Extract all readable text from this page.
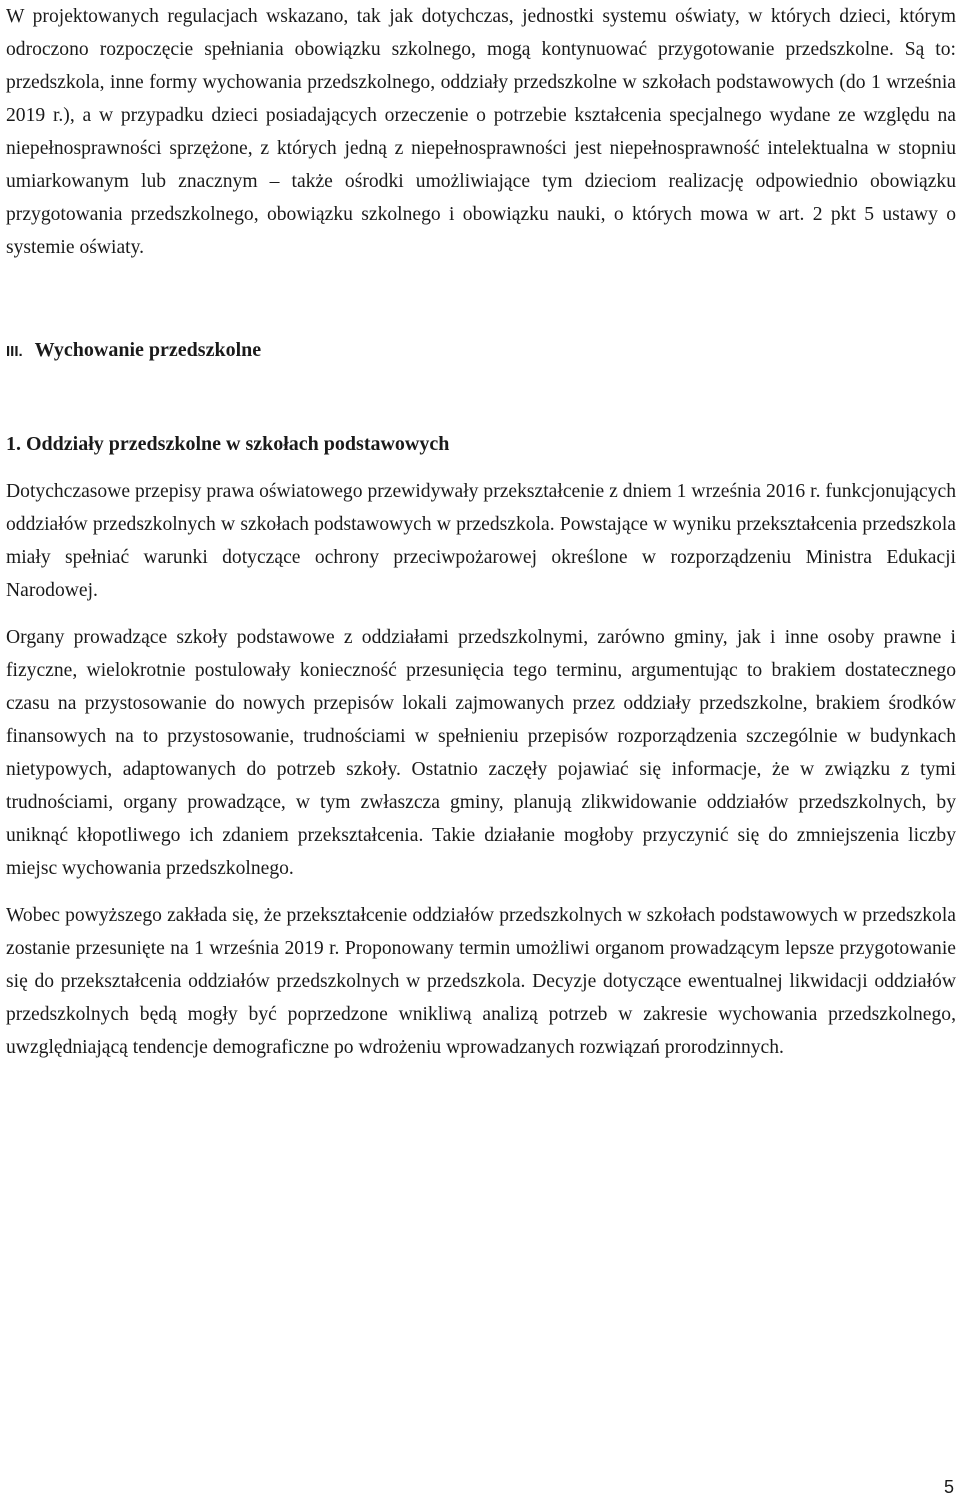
W projektowanych regulacjach wskazano, tak jak dotychczas, jednostki systemu oświaty, w których dzieci, którym odroczono rozpoczęcie spełniania obowiązku szkolnego, mogą kontynuować przygotowanie przedszkolne. Są to: przedszkola, inne formy wychowania przedszkolnego, oddziały przedszkolne w szkołach podstawowych (do 1 września 2019 r.), a w przypadku dzieci posiadających orzeczenie o potrzebie kształcenia specjalnego wydane ze względu na niepełnosprawności sprzężone, z których jedną z niepełnosprawności jest niepełnosprawność intelektualna w stopniu umiarkowanym lub znacznym – także ośrodki umożliwiające tym dzieciom realizację odpowiednio obowiązku przygotowania przedszkolnego, obowiązku szkolnego i obowiązku nauki, o których mowa w art. 2 pkt 5 ustawy o systemie oświaty.

III. Wychowanie przedszkolne
1. Oddziały przedszkolne w szkołach podstawowych

Dotychczasowe przepisy prawa oświatowego przewidywały przekształcenie z dniem 1 września 2016 r. funkcjonujących oddziałów przedszkolnych w szkołach podstawowych w przedszkola. Powstające w wyniku przekształcenia przedszkola miały spełniać warunki dotyczące ochrony przeciwpożarowej określone w rozporządzeniu Ministra Edukacji Narodowej.

Organy prowadzące szkoły podstawowe z oddziałami przedszkolnymi, zarówno gminy, jak i inne osoby prawne i fizyczne, wielokrotnie postulowały konieczność przesunięcia tego terminu, argumentując to brakiem dostatecznego czasu na przystosowanie do nowych przepisów lokali zajmowanych przez oddziały przedszkolne, brakiem środków finansowych na to przystosowanie, trudnościami w spełnieniu przepisów rozporządzenia szczególnie w budynkach nietypowych, adaptowanych do potrzeb szkoły. Ostatnio zaczęły pojawiać się informacje, że w związku z tymi trudnościami, organy prowadzące, w tym zwłaszcza gminy, planują zlikwidowanie oddziałów przedszkolnych, by uniknąć kłopotliwego ich zdaniem przekształcenia. Takie działanie mogłoby przyczynić się do zmniejszenia liczby miejsc wychowania przedszkolnego.

Wobec powyższego zakłada się, że przekształcenie oddziałów przedszkolnych w szkołach podstawowych w przedszkola zostanie przesunięte na 1 września 2019 r. Proponowany termin umożliwi organom prowadzącym lepsze przygotowanie się do przekształcenia oddziałów przedszkolnych w przedszkola. Decyzje dotyczące ewentualnej likwidacji oddziałów przedszkolnych będą mogły być poprzedzone wnikliwą analizą potrzeb w zakresie wychowania przedszkolnego, uwzględniającą tendencje demograficzne po wdrożeniu wprowadzanych rozwiązań prorodzinnych.

5
